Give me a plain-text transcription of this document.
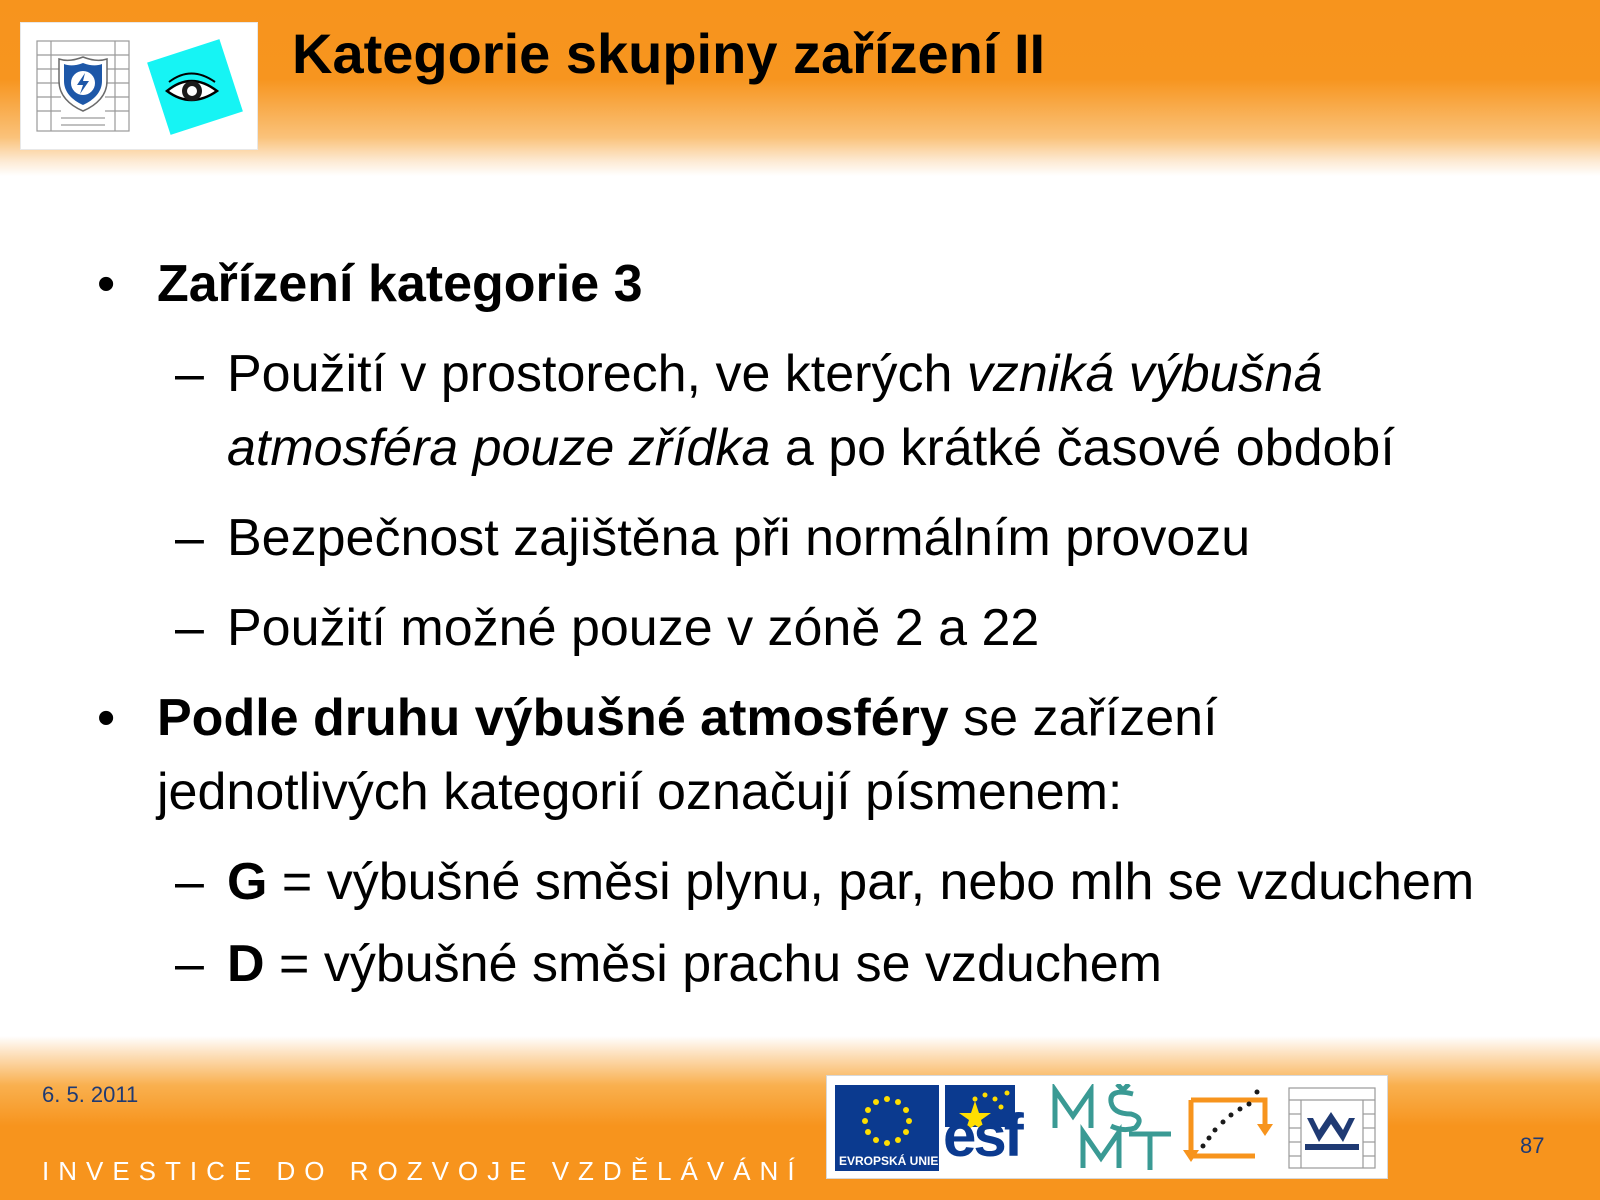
Kategorie skupiny zařízení II
• Zařízení kategorie 3
– Použití v prostorech, ve kterých vzniká výbušná
atmosféra pouze zřídka a po krátké časové období
– Bezpečnost zajištěna při normálním provozu
– Použití možné pouze v zóně 2 a 22
• Podle druhu výbušné atmosféry se zařízení
jednotlivých kategorií označují písmenem:
– G = výbušné směsi plynu, par, nebo mlh se vzduchem
– D = výbušné směsi prachu se vzduchem
6. 5. 2011
INVESTICE DO ROZVOJE VZDĚLÁVÁNÍ
87
EVROPSKÁ UNIE esf
